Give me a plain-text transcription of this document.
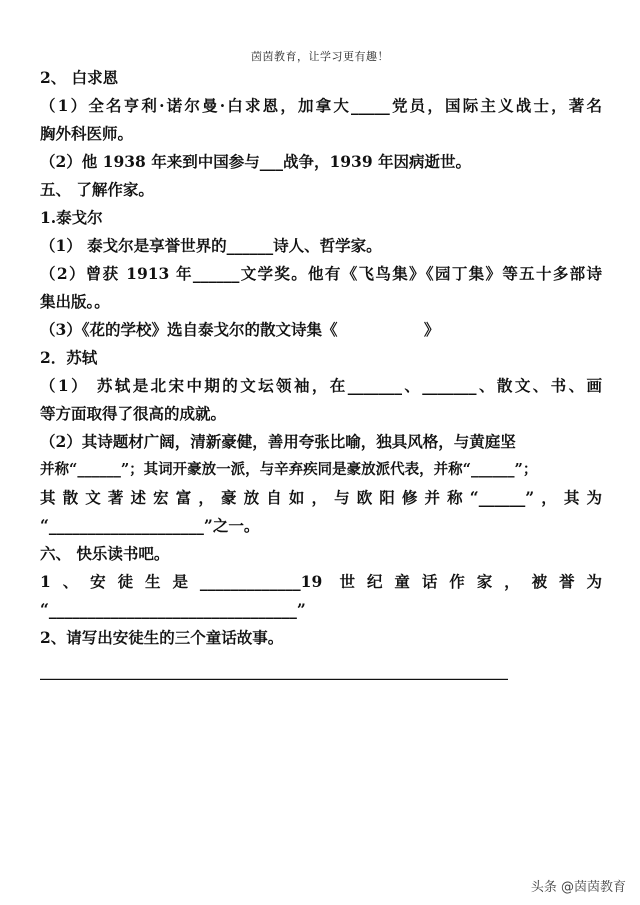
茵茵教育，让学习更有趣！
2、 白求恩
（1）全名亨利·诺尔曼·白求恩，加拿大_____党员，国际主义战士，著名
胸外科医师。
（2）他 1938 年来到中国参与___战争，1939 年因病逝世。
五、 了解作家。
1.泰戈尔
（1） 泰戈尔是享誉世界的______诗人、哲学家。
（2）曾获 1913 年______文学奖。他有《飞鸟集》《园丁集》等五十多部诗
集出版。。
（3）《花的学校》选自泰戈尔的散文诗集《                》
2．苏轼
（1） 苏轼是北宋中期的文坛领袖，在_______、_______、散文、书、画
等方面取得了很高的成就。
（2）其诗题材广阔，清新豪健，善用夸张比喻，独具风格，与黄庭坚
并称“______”；其词开豪放一派，与辛弃疾同是豪放派代表，并称“______”；
其散文著述宏富，豪放自如，与欧阳修并称“______”，其为
“____________________”之一。
六、 快乐读书吧。
1、安徒生是_____________19 世纪童话作家，被誉为
“________________________________”
2、请写出安徒生的三个童话故事。
________________________________________________________________________
头条 @茵茵教育
